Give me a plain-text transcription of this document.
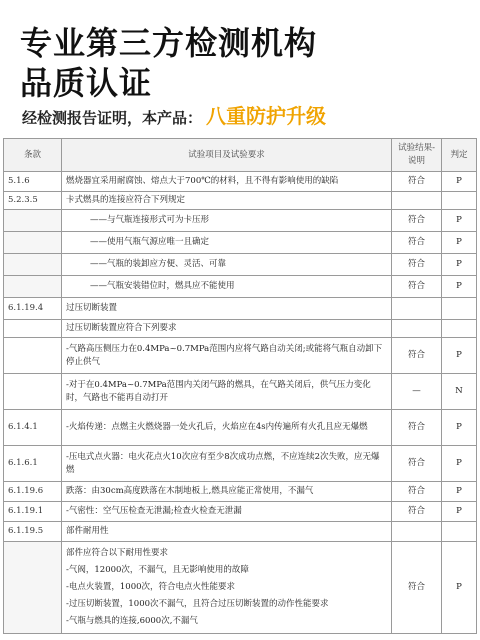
专业第三方检测机构
品质认证
经检测报告证明，本产品： 八重防护升级
条款	试验项目及试验要求	试验结果-说明	判定
5.1.6	燃烧器宜采用耐腐蚀、熔点大于700℃的材料，且不得有影响使用的缺陷	符合	P
5.2.3.5	卡式燃具的连接应符合下列规定		
	——与气瓶连接形式可为卡压形	符合	P
	——使用气瓶气源应唯一且确定	符合	P
	——气瓶的装卸应方便、灵活、可靠	符合	P
	——气瓶安装错位时，燃具应不能使用	符合	P
6.1.19.4	过压切断装置		
	过压切断装置应符合下列要求		
	-气路高压侧压力在0.4MPa~0.7MPa范围内应将气路自动关闭;或能将气瓶自动卸下停止供气	符合	P
	-对于在0.4MPa~0.7MPa范围内关闭气路的燃具，在气路关闭后，供气压力变化时，气路也不能再自动打开	—	N
6.1.4.1	-火焰传递：点燃主火燃烧器一处火孔后，火焰应在4s内传遍所有火孔且应无爆燃	符合	P
6.1.6.1	-压电式点火器：电火花点火10次应有至少8次成功点燃，不应连续2次失败，应无爆燃	符合	P
6.1.19.6	跌落：由30cm高度跌落在木制地板上,燃具应能正常使用，不漏气	符合	P
6.1.19.1	-气密性：空气压检查无泄漏;检查火检查无泄漏	符合	P
6.1.19.5	部件耐用性		

	部件应符合以下耐用性要求

-气阀，12000次，不漏气，且无影响使用的故障

-电点火装置，1000次，符合电点火性能要求

-过压切断装置，1000次不漏气，且符合过压切断装置的动作性能要求

-气瓶与燃具的连接,6000次,不漏气	符合	P
